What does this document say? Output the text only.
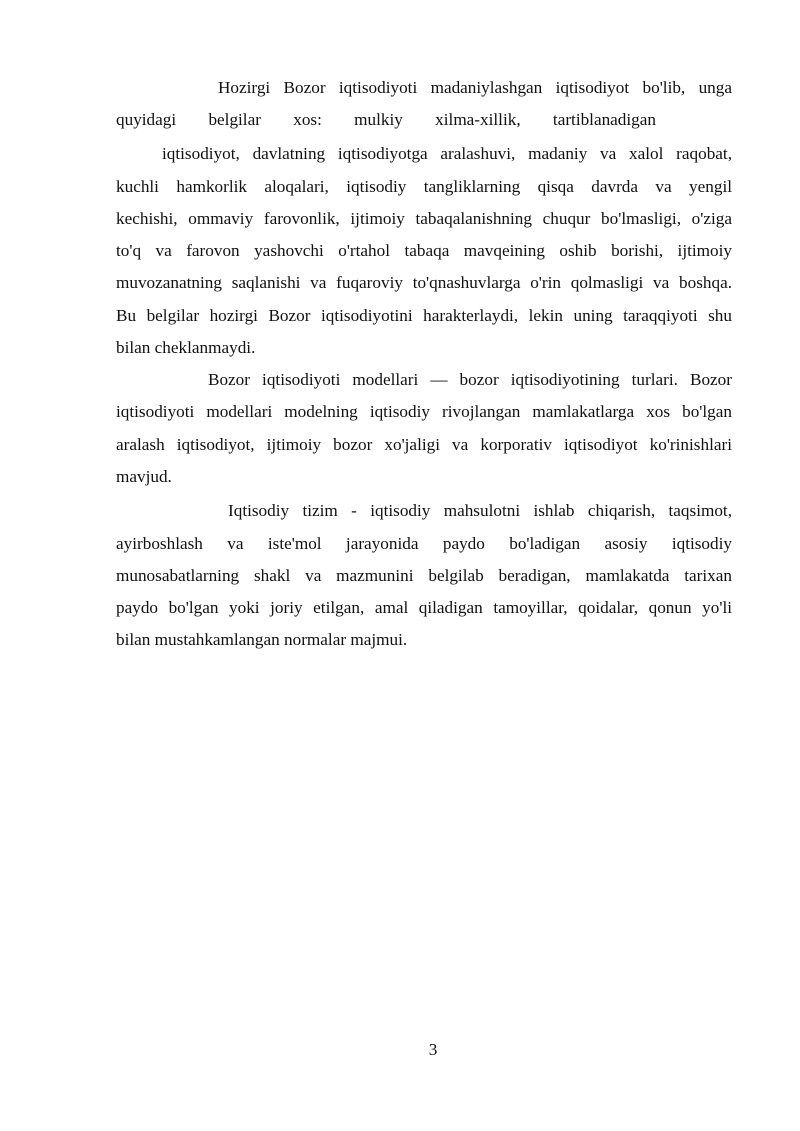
Hozirgi Bozor iqtisodiyoti madaniylashgan iqtisodiyot bo'lib, unga
quyidagi belgilar xos: mulkiy xilma-xillik, tartiblanadigan
iqtisodiyot, davlatning iqtisodiyotga aralashuvi, madaniy va xalol raqobat,
kuchli hamkorlik aloqalari, iqtisodiy tangliklarning qisqa davrda va yengil
kechishi, ommaviy farovonlik, ijtimoiy tabaqalanishning chuqur bo'lmasligi, o'ziga
to'q va farovon yashovchi o'rtahol tabaqa mavqeining oshib borishi, ijtimoiy
muvozanatning saqlanishi va fuqaroviy to'qnashuvlarga o'rin qolmasligi va boshqa.
Bu belgilar hozirgi Bozor iqtisodiyotini harakterlaydi, lekin uning taraqqiyoti shu
bilan cheklanmaydi.
Bozor iqtisodiyoti modellari — bozor iqtisodiyotining turlari. Bozor
iqtisodiyoti modellari modelning iqtisodiy rivojlangan mamlakatlarga xos bo'lgan
aralash iqtisodiyot, ijtimoiy bozor xo'jaligi va korporativ iqtisodiyot ko'rinishlari
mavjud.
Iqtisodiy tizim - iqtisodiy mahsulotni ishlab chiqarish, taqsimot,
ayirboshlash va iste'mol jarayonida paydo bo'ladigan asosiy iqtisodiy
munosabatlarning shakl va mazmunini belgilab beradigan, mamlakatda tarixan
paydo bo'lgan yoki joriy etilgan, amal qiladigan tamoyillar, qoidalar, qonun yo'li
bilan mustahkamlangan normalar majmui.
3
